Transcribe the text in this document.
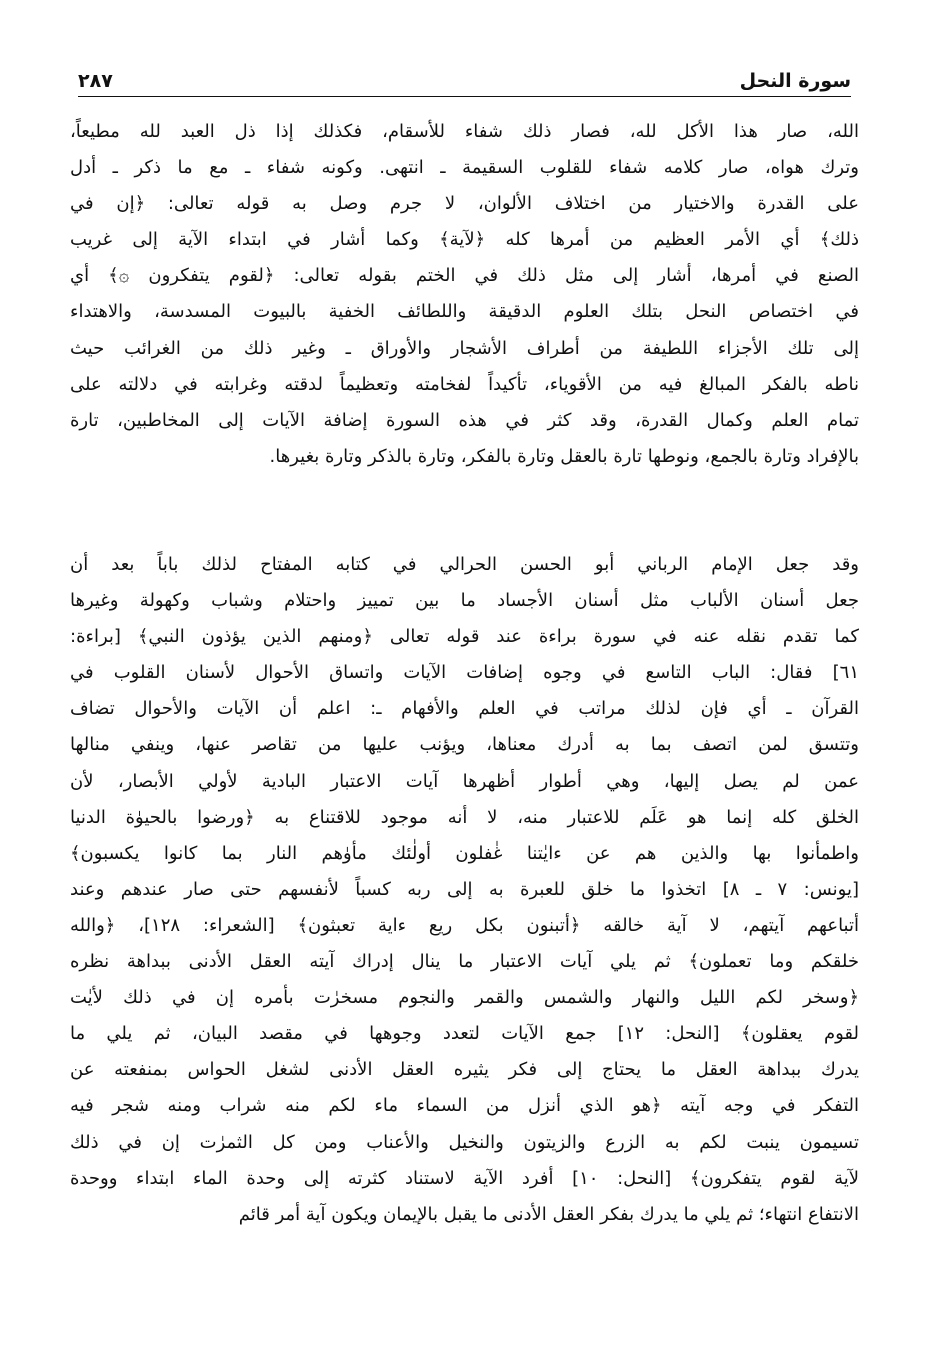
سورة النحل
٢٨٧
الله، صار هذا الأكل لله، فصار ذلك شفاء للأسقام، فكذلك إذا ذل العبد لله مطيعاً،
وترك هواه، صار كلامه شفاء للقلوب السقيمة ـ انتهى. وكونه شفاء ـ مع ما ذكر ـ أدل
على القدرة والاختيار من اختلاف الألوان، لا جرم وصل به قوله تعالى: ﴿إن في
ذلك﴾ أي الأمر العظيم من أمرها كله ﴿لآية﴾ وكما أشار في ابتداء الآية إلى غريب
الصنع في أمرها، أشار إلى مثل ذلك في الختم بقوله تعالى: ﴿لقوم يتفكرون ۞﴾ أي
في اختصاص النحل بتلك العلوم الدقيقة واللطائف الخفية بالبيوت المسدسة، والاهتداء
إلى تلك الأجزاء اللطيفة من أطراف الأشجار والأوراق ـ وغير ذلك من الغرائب حيث
ناطه بالفكر المبالغ فيه من الأقوياء، تأكيداً لفخامته وتعظيماً لدقته وغرابته في دلالته على
تمام العلم وكمال القدرة، وقد كثر في هذه السورة إضافة الآيات إلى المخاطبين، تارة
بالإفراد وتارة بالجمع، ونوطها تارة بالعقل وتارة بالفكر، وتارة بالذكر وتارة بغيرها.
وقد جعل الإمام الرباني أبو الحسن الحرالي في كتابه المفتاح لذلك باباً بعد أن
جعل أسنان الألباب مثل أسنان الأجساد ما بين تمييز واحتلام وشباب وكهولة وغيرها
كما تقدم نقله عنه في سورة براءة عند قوله تعالى ﴿ومنهم الذين يؤذون النبي﴾ [براءة:
٦١] فقال: الباب التاسع في وجوه إضافات الآيات واتساق الأحوال لأسنان القلوب في
القرآن ـ أي فإن لذلك مراتب في العلم والأفهام ـ: اعلم أن الآيات والأحوال تضاف
وتتسق لمن اتصف بما به أدرك معناها، ويؤنب عليها من تقاصر عنها، وينفي منالها
عمن لم يصل إليها، وهي أطوار أظهرها آيات الاعتبار البادية لأولي الأبصار، لأن
الخلق كله إنما هو عَلَم للاعتبار منه، لا أنه موجود للاقتناع به ﴿ورضوا بالحيوٰة الدنيا
واطمأنوا بها والذين هم عن ءايٰتنا غٰفلون أولٰئك مأوٰهم النار بما كانوا يكسبون﴾
[يونس: ٧ ـ ٨] اتخذوا ما خلق للعبرة به إلى ربه كسباً لأنفسهم حتى صار عندهم وعند
أتباعهم آيتهم، لا آية خالقه ﴿أتبنون بكل ريع ءاية تعبثون﴾ [الشعراء: ١٢٨]، ﴿والله
خلقكم وما تعملون﴾ ثم يلي آيات الاعتبار ما ينال إدراك آيته العقل الأدنى ببداهة نظره
﴿وسخر لكم الليل والنهار والشمس والقمر والنجوم مسخرٰت بأمره إن في ذلك لأيٰت
لقوم يعقلون﴾ [النحل: ١٢] جمع الآيات لتعدد وجوهها في مقصد البيان، ثم يلي ما
يدرك ببداهة العقل ما يحتاج إلى فكر يثيره العقل الأدنى لشغل الحواس بمنفعته عن
التفكر في وجه آيته ﴿هو الذي أنزل من السماء ماء لكم منه شراب ومنه شجر فيه
تسيمون ينبت لكم به الزرع والزيتون والنخيل والأعناب ومن كل الثمرٰت إن في ذلك
لآية لقوم يتفكرون﴾ [النحل: ١٠] أفرد الآية لاستناد كثرته إلى وحدة الماء ابتداء ووحدة
الانتفاع انتهاء؛ ثم يلي ما يدرك بفكر العقل الأدنى ما يقبل بالإيمان ويكون آية أمر قائم
